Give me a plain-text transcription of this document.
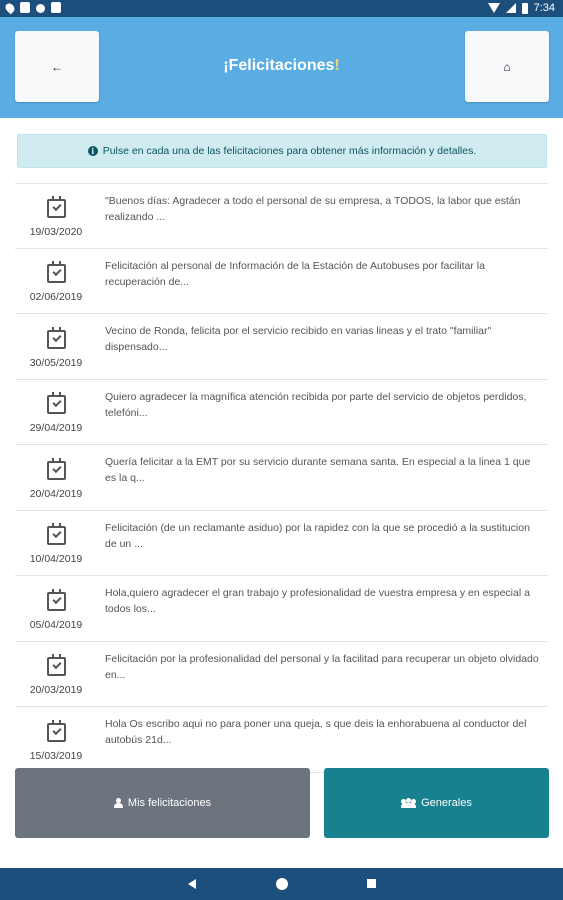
7:34
←	¡Felicitaciones!	⌂
i Pulse en cada una de las felicitaciones para obtener más información y detalles.
19/03/2020
"Buenos días: Agradecer a todo el personal de su empresa, a TODOS, la labor que están realizando ...
02/06/2019
Felicitación al personal de Información de la Estación de Autobuses por facilitar la recuperación de...
30/05/2019
Vecino de Ronda, felicita por el servicio recibido en varias lineas y el trato "familiar" dispensado...
29/04/2019
Quiero agradecer la magnífica atención recibida por parte del servicio de objetos perdidos, telefóni...
20/04/2019
Quería felicitar a la EMT por su servicio durante semana santa. En especial a la linea 1 que es la q...
10/04/2019
Felicitación (de un reclamante asiduo) por la rapidez con la que se procedió a la sustitucion de un ...
05/04/2019
Hola,quiero agradecer el gran trabajo y profesionalidad de vuestra empresa y en especial a todos los...
20/03/2019
Felicitación por la profesionalidad del personal y la facilitad para recuperar un objeto olvidado en...
15/03/2019
Hola Os escribo aqui no para poner una queja, s que deis la enhorabuena al conductor del autobús 21d...
Mis felicitaciones	Generales
